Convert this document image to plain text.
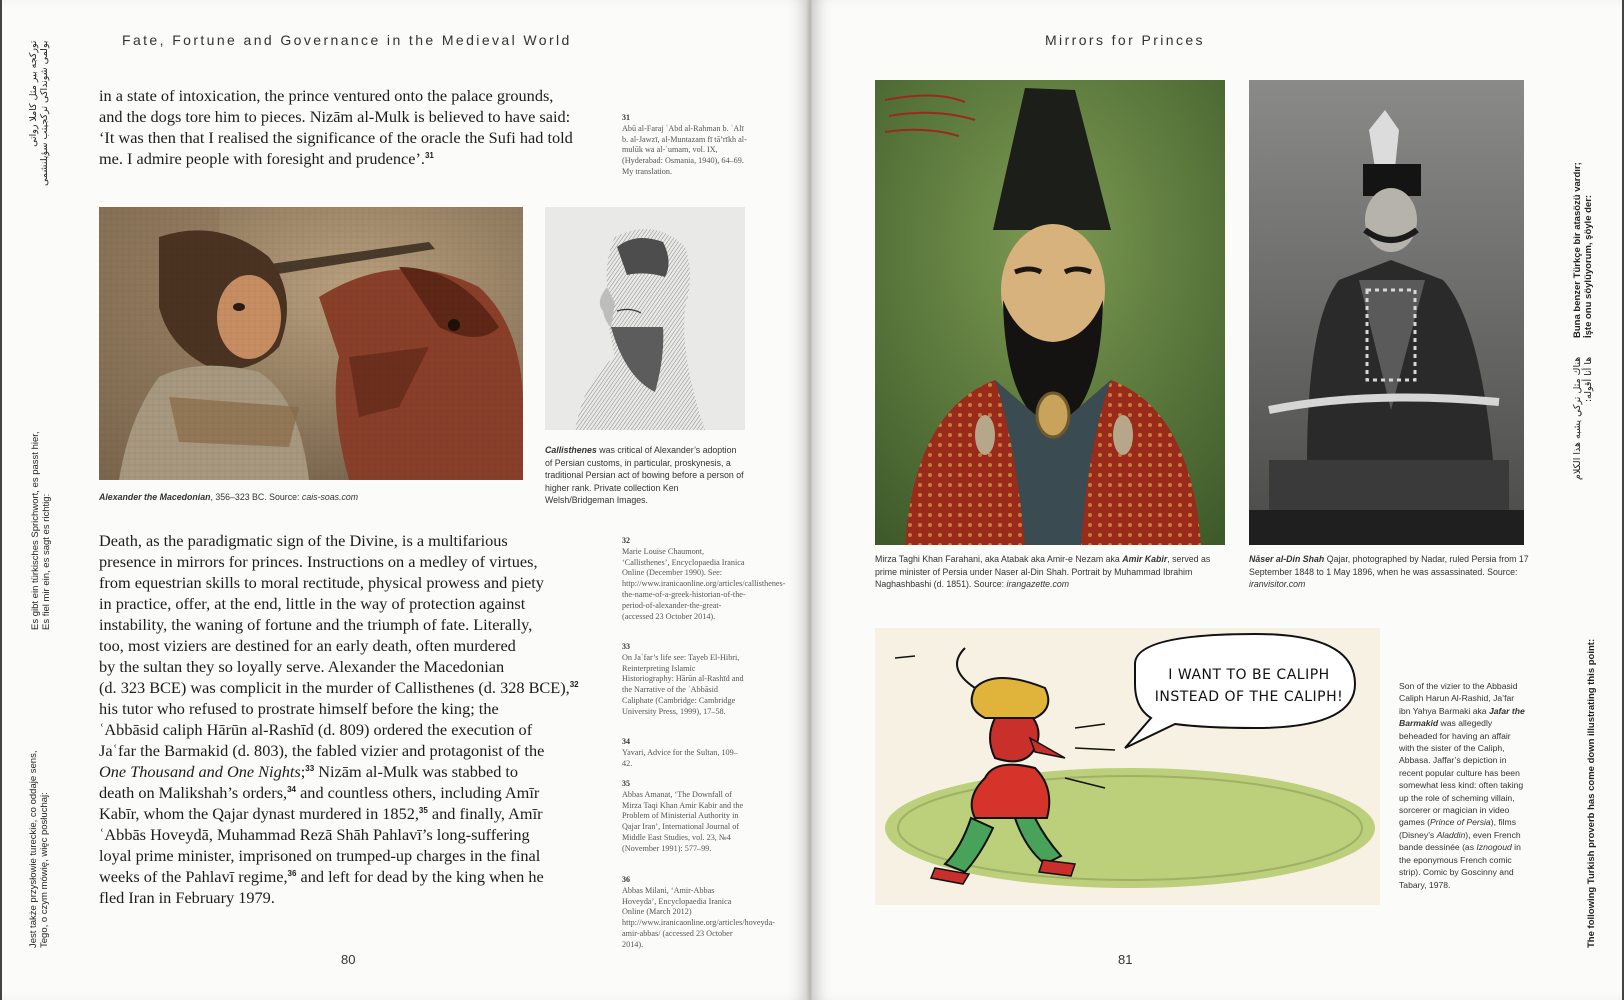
Fate, Fortune and Governance in the Medieval World
تورکجه بیر مثل کاملا رواتی بولمی شونداکی ترکجیتب سؤیلنشمی
Es gibt ein türkisches Sprichwort, es passt hier, Es fiel mir ein, es sagt es richtig:
Jest także przysłowie tureckie, co oddaje sens, Tego, o czym mówię, więc posłuchaj:

in a state of intoxication, the prince ventured onto the palace grounds,

and the dogs tore him to pieces. Nizām al-Mulk is believed to have said:

‘It was then that I realised the significance of the oracle the Sufi had told

me. I admire people with foresight and prudence’.$^{31}$

31
Abū al-Faraj ʿAbd al-Rahman b. ʿAlī b. al-Jawzī, al-Muntazam fī tā’rīkh al-mulūk wa al-ʿumam, vol. IX, (Hyderabad: Osmania, 1940), 64–69. My translation.
Alexander the Macedonian, 356–323 BC. Source: cais-soas.com
Callisthenes was critical of Alexander’s adoption of Persian customs, in particular, proskynesis, a traditional Persian act of bowing before a person of higher rank. Private collection Ken Welsh/Bridgeman Images.

Death, as the paradigmatic sign of the Divine, is a multifarious

presence in mirrors for princes. Instructions on a medley of virtues,

from equestrian skills to moral rectitude, physical prowess and piety

in practice, offer, at the end, little in the way of protection against

instability, the waning of fortune and the triumph of fate. Literally,

too, most viziers are destined for an early death, often murdered

by the sultan they so loyally serve. Alexander the Macedonian

(d. 323 BCE) was complicit in the murder of Callisthenes (d. 328 BCE),$^{32}$

his tutor who refused to prostrate himself before the king; the

ʿAbbāsid caliph Hārūn al-Rashīd (d. 809) ordered the execution of

Jaʿfar the Barmakid (d. 803), the fabled vizier and protagonist of the

One Thousand and One Nights;$^{33}$ Nizām al-Mulk was stabbed to

death on Malikshah’s orders,$^{34}$ and countless others, including Amīr

Kabīr, whom the Qajar dynast murdered in 1852,35 and finally, Amīr

ʿAbbās Hoveydā, Muhammad Rezā Shāh Pahlavī’s long-suffering

loyal prime minister, imprisoned on trumped-up charges in the final

weeks of the Pahlavī regime,$^{36}$ and left for dead by the king when he

fled Iran in February 1979.

32
Marie Louise Chaumont, ‘Callisthenes’, Encyclopaedia Iranica Online (December 1990). See: http://www.iranicaonline.org/articles/callisthenes-the-name-of-a-greek-historian-of-the-period-of-alexander-the-great-(accessed 23 October 2014).
33
On Jaʿfar’s life see: Tayeb El-Hibri, Reinterpreting Islamic Historiography: Hārūn al-Rashīd and the Narrative of the ʿAbbāsid Caliphate (Cambridge: Cambridge University Press, 1999), 17–58.
34
Yavari, Advice for the Sultan, 109–42.
35
Abbas Amanat, ‘The Downfall of Mirza Taqi Khan Amir Kabir and the Problem of Ministerial Authority in Qajar Iran’, International Journal of Middle East Studies, vol. 23, №4 (November 1991): 577–99.
36
Abbas Milani, ‘Amir-Abbas Hoveyda’, Encyclopaedia Iranica Online (March 2012) http://www.iranicaonline.org/articles/hoveyda-amir-abbas/ (accessed 23 October 2014).
80
Mirrors for Princes
Mirza Taghi Khan Farahani, aka Atabak aka Amir-e Nezam aka Amir Kabir, served as prime minister of Persia under Naser al-Din Shah. Portrait by Muhammad Ibrahim Naghashbashi (d. 1851). Source: irangazette.com
Nāser al-Din Shah Qajar, photographed by Nadar, ruled Persia from 17 September 1848 to 1 May 1896, when he was assassinated. Source: iranvisitor.com
I WANT TO BE CALIPH
INSTEAD OF THE CALIPH!
Son of the vizier to the Abbasid Caliph Harun Al-Rashid, Ja’far ibn Yahya Barmaki aka Jafar the Barmakid was allegedly beheaded for having an affair with the sister of the Caliph, Abbasa. Jaffar’s depiction in recent popular culture has been somewhat less kind: often taking up the role of scheming villain, sorcerer or magician in video games (Prince of Persia), films (Disney’s Aladdin), even French bande dessinée (as Iznogoud in the eponymous French comic strip). Comic by Goscinny and Tabary, 1978.
Buna benzer Türkçe bir atasözü vardır; İşte onu söylüyorum, şöyle der:
هناك مثل تركي يشبه هذا الكلام ها أنا أقوله:
The following Turkish proverb has come down illustrating this point:
81
